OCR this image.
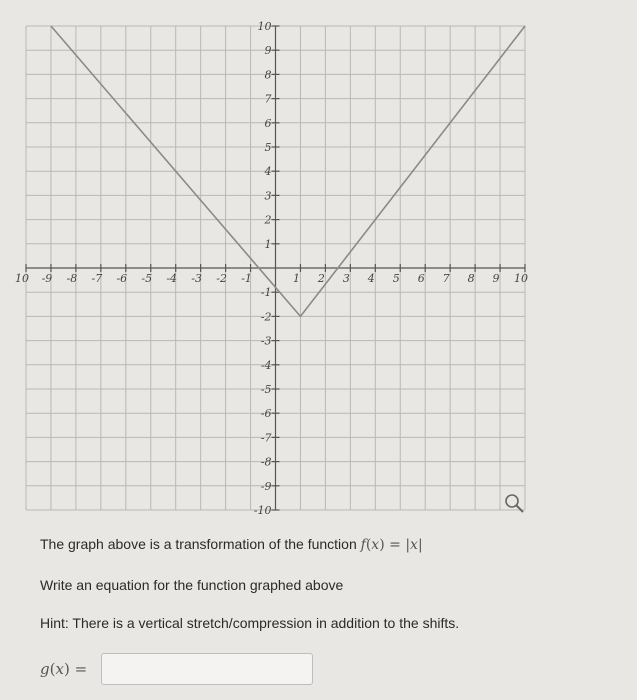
10 -9 -8 -7 -6 -5 -4 -3 -2 -1	1 2 3 4 5 6 7 8 9 10
10
9
8
7
6
5
4
3
2
1
-1
-2
-3
-4
-5
-6
-7
-8
-9
-10
The graph above is a transformation of the function f(x) = |x|
Write an equation for the function graphed above
Hint: There is a vertical stretch/compression in addition to the shifts.
g(x) =
